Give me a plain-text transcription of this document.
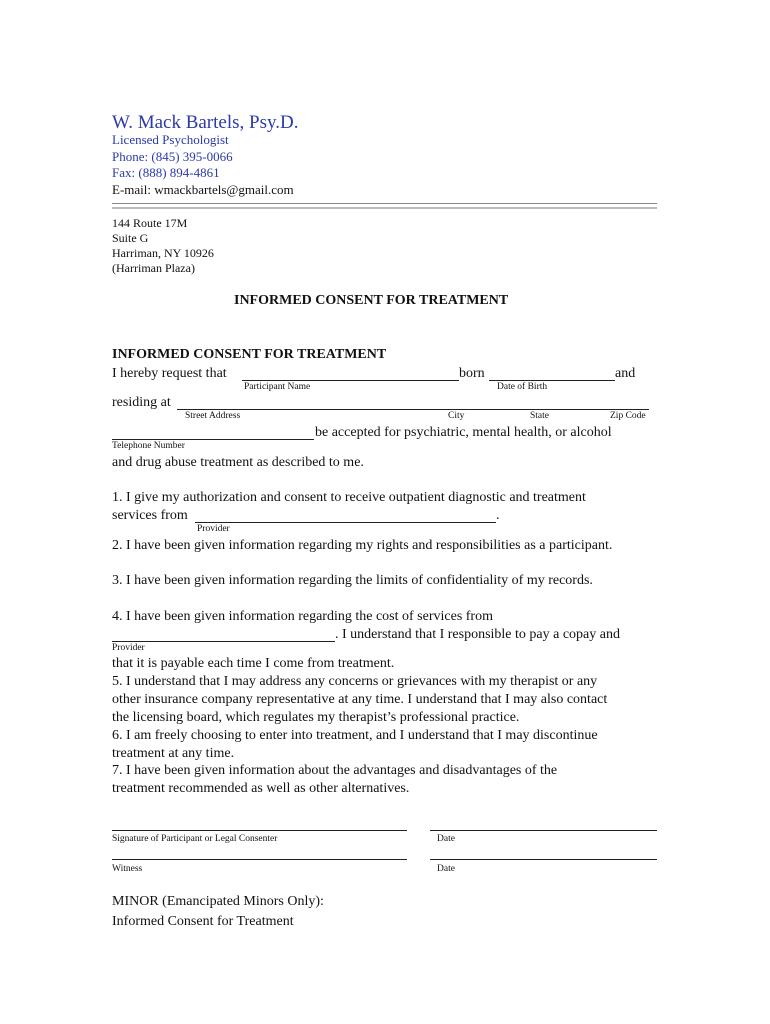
W. Mack Bartels, Psy.D.
Licensed Psychologist
Phone: (845) 395-0066
Fax: (888) 894-4861
E-mail: wmackbartels@gmail.com
144 Route 17M
Suite G
Harriman, NY 10926
(Harriman Plaza)
INFORMED CONSENT FOR TREATMENT
INFORMED CONSENT FOR TREATMENT
I hereby request that	born	and
Participant Name	Date of Birth
residing at
Street Address	City	State	Zip Code
be accepted for psychiatric, mental health, or alcohol
Telephone Number
and drug abuse treatment as described to me.
1. I give my authorization and consent to receive outpatient diagnostic and treatment
services from	.
Provider
2. I have been given information regarding my rights and responsibilities as a participant.
3. I have been given information regarding the limits of confidentiality of my records.
4. I have been given information regarding the cost of services from
. I understand that I responsible to pay a copay and
Provider
that it is payable each time I come from treatment.
5. I understand that I may address any concerns or grievances with my therapist or any
other insurance company representative at any time. I understand that I may also contact
the licensing board, which regulates my therapist’s professional practice.
6. I am freely choosing to enter into treatment, and I understand that I may discontinue
treatment at any time.
7. I have been given information about the advantages and disadvantages of the
treatment recommended as well as other alternatives.
Signature of Participant or Legal Consenter	Date
Witness	Date
MINOR (Emancipated Minors Only):
Informed Consent for Treatment
